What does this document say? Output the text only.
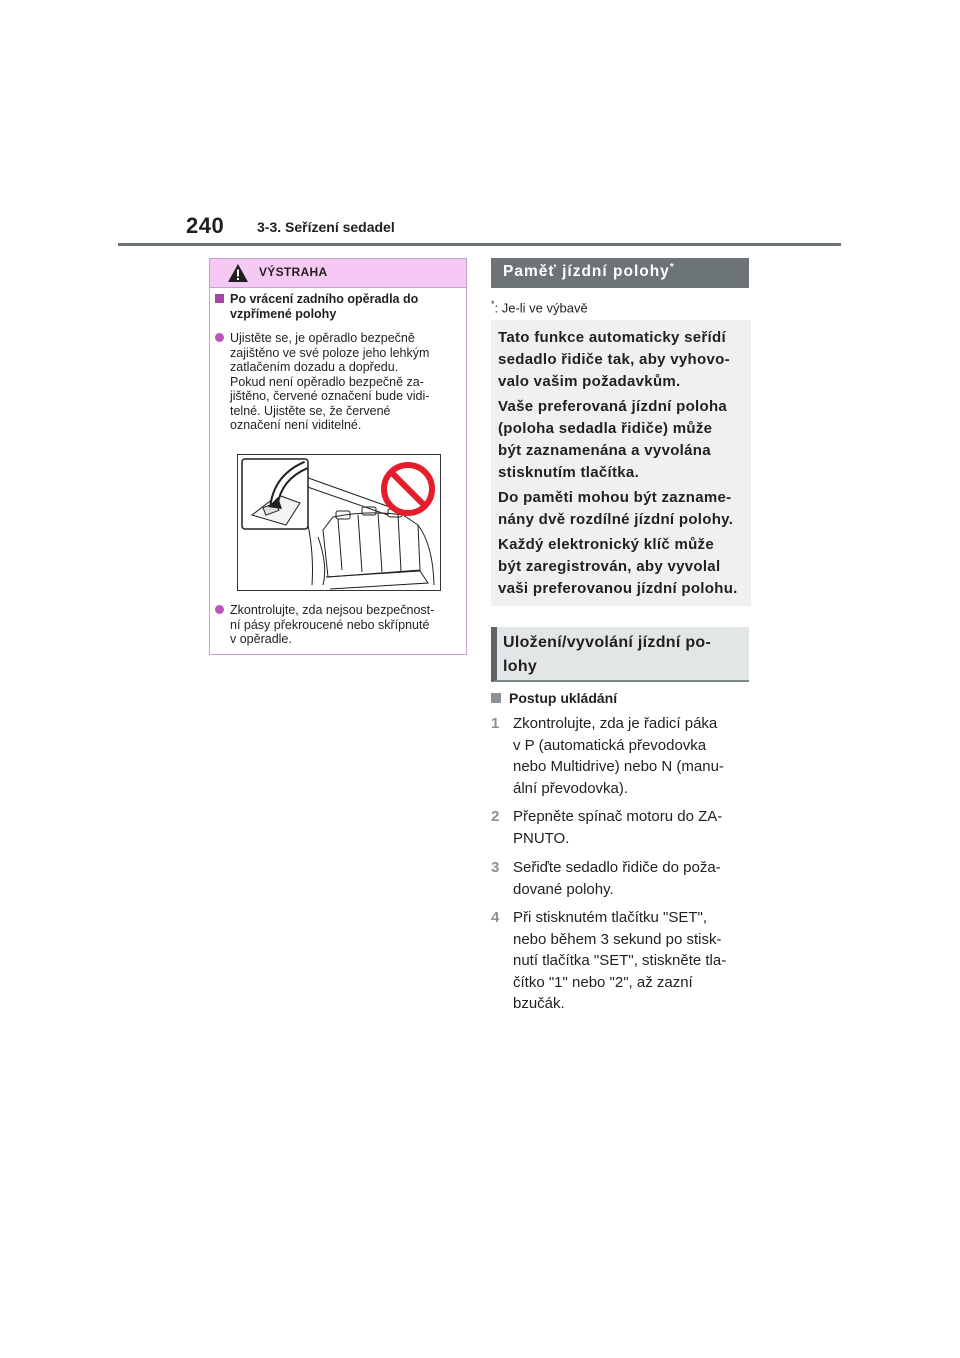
240 3-3. Seřízení sedadel
VÝSTRAHA
Po vrácení zadního opěradla do
vzpřímené polohy
Ujistěte se, je opěradlo bezpečně
zajištěno ve své poloze jeho lehkým
zatlačením dozadu a dopředu.
Pokud není opěradlo bezpečně za-
jištěno, červené označení bude vidi-
telné. Ujistěte se, že červené
označení není viditelné.
Zkontrolujte, zda nejsou bezpečnost-
ní pásy překroucené nebo skřípnuté
v opěradle.
Paměť jízdní polohy*
*: Je-li ve výbavě
Tato funkce automaticky seřídí
sedadlo řidiče tak, aby vyhovo-
valo vašim požadavkům.
Vaše preferovaná jízdní poloha
(poloha sedadla řidiče) může
být zaznamenána a vyvolána
stisknutím tlačítka.
Do paměti mohou být zazname-
nány dvě rozdílné jízdní polohy.
Každý elektronický klíč může
být zaregistrován, aby vyvolal
vaši preferovanou jízdní polohu.
Uložení/vyvolání jízdní po-
lohy
Postup ukládání
1 Zkontrolujte, zda je řadicí páka
v P (automatická převodovka
nebo Multidrive) nebo N (manu-
ální převodovka).
2 Přepněte spínač motoru do ZA-
PNUTO.
3 Seřiďte sedadlo řidiče do poža-
dované polohy.
4 Při stisknutém tlačítku "SET",
nebo během 3 sekund po stisk-
nutí tlačítka "SET", stiskněte tla-
čítko "1" nebo "2", až zazní
bzučák.
